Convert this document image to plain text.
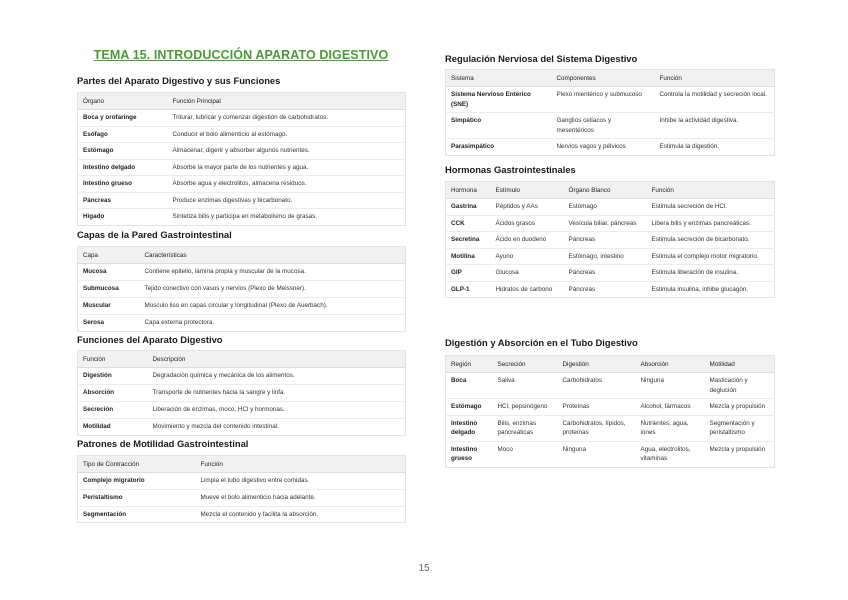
TEMA 15. INTRODUCCIÓN APARATO DIGESTIVO
Partes del Aparato Digestivo y sus Funciones
Órgano	Función Principal
Boca y orofaringe	Triturar, lubricar y comenzar digestión de carbohidratos.
Esófago	Conducir el bolo alimenticio al estómago.
Estómago	Almacenar, digerir y absorber algunos nutrientes.
Intestino delgado	Absorbe la mayor parte de los nutrientes y agua.
Intestino grueso	Absorbe agua y electrolitos, almacena residuos.
Páncreas	Produce enzimas digestivas y bicarbonato.
Hígado	Sintetiza bilis y participa en metabolismo de grasas.
Capas de la Pared Gastrointestinal
Capa	Características
Mucosa	Contiene epitelio, lámina propia y muscular de la mucosa.
Submucosa	Tejido conectivo con vasos y nervios (Plexo de Meissner).
Muscular	Músculo liso en capas circular y longitudinal (Plexo de Auerbach).
Serosa	Capa externa protectora.
Funciones del Aparato Digestivo
Función	Descripción
Digestión	Degradación química y mecánica de los alimentos.
Absorción	Transporte de nutrientes hacia la sangre y linfa.
Secreción	Liberación de enzimas, moco, HCl y hormonas.
Motilidad	Movimiento y mezcla del contenido intestinal.
Patrones de Motilidad Gastrointestinal
Tipo de Contracción	Función
Complejo migratorio	Limpia el tubo digestivo entre comidas.
Peristaltismo	Mueve el bolo alimenticio hacia adelante.
Segmentación	Mezcla el contenido y facilita la absorción.
Regulación Nerviosa del Sistema Digestivo
Sistema	Componentes	Función
Sistema Nervioso Entérico (SNE)	Plexo mientérico y submucoso	Controla la motilidad y secreción local.
Simpático	Ganglios celíacos y mesentéricos	Inhibe la actividad digestiva.
Parasimpático	Nervios vagos y pélvicos	Estimula la digestión.
Hormonas Gastrointestinales
Hormona	Estímulo	Órgano Blanco	Función
Gastrina	Péptidos y AAs	Estómago	Estimula secreción de HCl.
CCK	Ácidos grasos	Vesícula biliar, páncreas	Libera bilis y enzimas pancreáticas.
Secretina	Ácido en duodeno	Páncreas	Estimula secreción de bicarbonato.
Motilina	Ayuno	Estómago, intestino	Estimula el complejo motor migratorio.
GIP	Glucosa	Páncreas	Estimula liberación de insulina.
GLP-1	Hidratos de carbono	Páncreas	Estimula insulina, inhibe glucagón.
Digestión y Absorción en el Tubo Digestivo
Región	Secreción	Digestión	Absorción	Motilidad
Boca	Saliva	Carbohidratos	Ninguna	Masticación y deglución
Estómago	HCl, pepsinógeno	Proteínas	Alcohol, fármacos	Mezcla y propulsión
Intestino delgado	Bilis, enzimas pancreáticas	Carbohidratos, lípidos, proteínas	Nutrientes, agua, iones	Segmentación y peristaltismo
Intestino grueso	Moco	Ninguna	Agua, electrolitos, vitaminas	Mezcla y propulsión
15
